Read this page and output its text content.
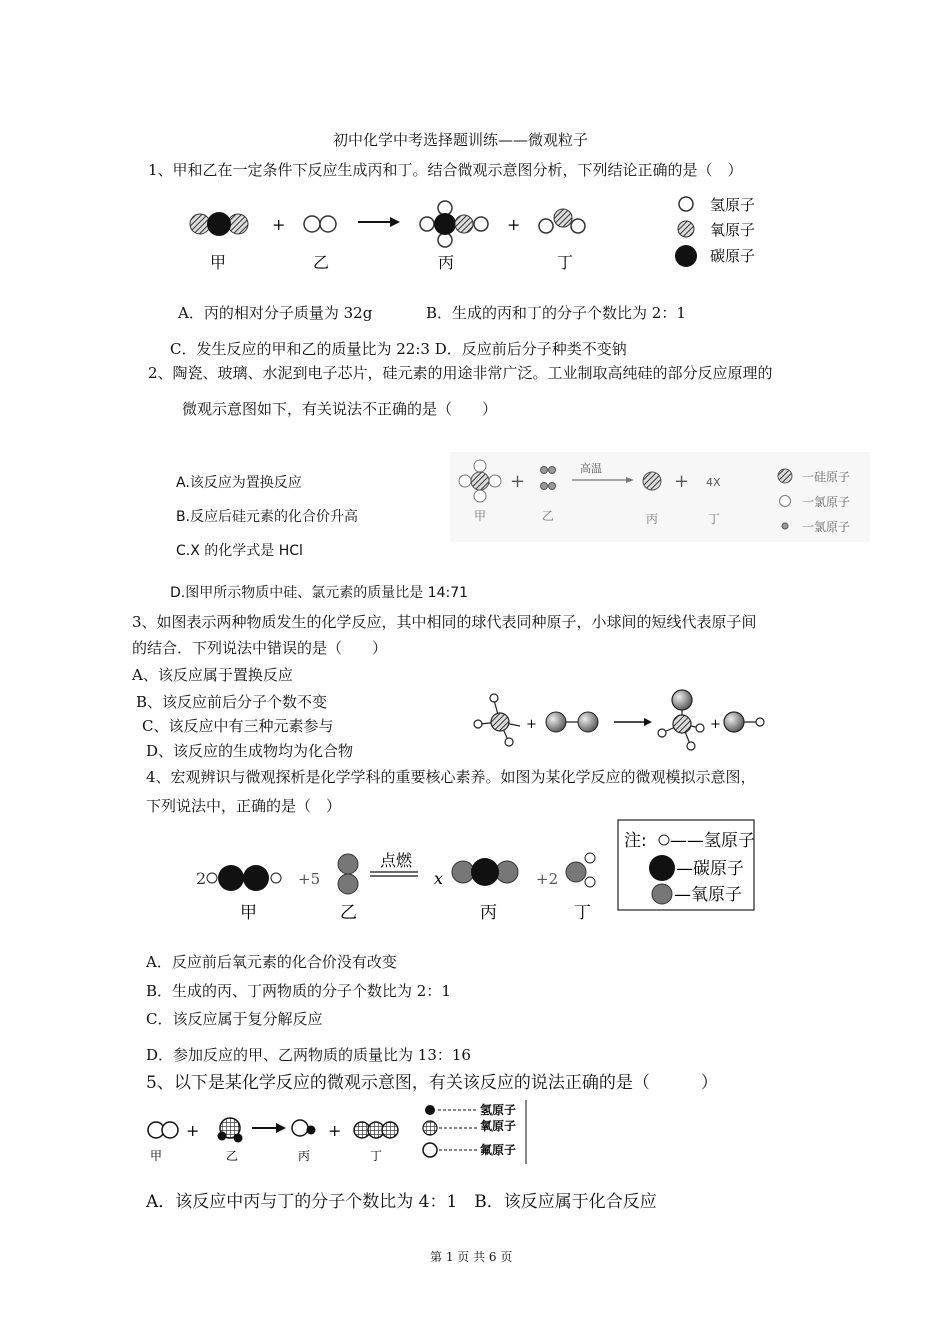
初中化学中考选择题训练——微观粒子
1、甲和乙在一定条件下反应生成丙和丁。结合微观示意图分析，下列结论正确的是（　）
+	+
甲	乙	丙	丁
氢原子
氧原子
碳原子
A．丙的相对分子质量为 32g	B．生成的丙和丁的分子个数比为 2：1
C．发生反应的甲和乙的质量比为 22:3 D．反应前后分子种类不变钠
2、陶瓷、玻璃、水泥到电子芯片，硅元素的用途非常广泛。工业制取高纯硅的部分反应原理的
微观示意图如下，有关说法不正确的是（　　）
A.该反应为置换反应
B.反应后硅元素的化合价升高
C.X 的化学式是 HCl
D.图甲所示物质中硅、氯元素的质量比是 14:71
+
高温
+ 4X
甲	乙	丙	丁
一硅原子
一氯原子
一氯原子
3、如图表示两种物质发生的化学反应，其中相同的球代表同种原子，小球间的短线代表原子间
的结合．下列说法中错误的是（　　）
A、该反应属于置换反应
B、该反应前后分子个数不变
C、该反应中有三种元素参与
D、该反应的生成物均为化合物
+	+
4、宏观辨识与微观探析是化学学科的重要核心素养。如图为某化学反应的微观模拟示意图，
下列说法中，正确的是（　）
2	+5
点燃
x	+2
甲	乙	丙	丁
注: ——氢原子
—碳原子
—氧原子
A．反应前后氧元素的化合价没有改变
B．生成的丙、丁两物质的分子个数比为 2：1
C．该反应属于复分解反应
D．参加反应的甲、乙两物质的质量比为 13：16
5、以下是某化学反应的微观示意图，有关该反应的说法正确的是（　　　）
+	+
甲	乙	丙	丁
氢原子
氧原子
氟原子
A．该反应中丙与丁的分子个数比为 4：1　B．该反应属于化合反应
第 1 页 共 6 页
